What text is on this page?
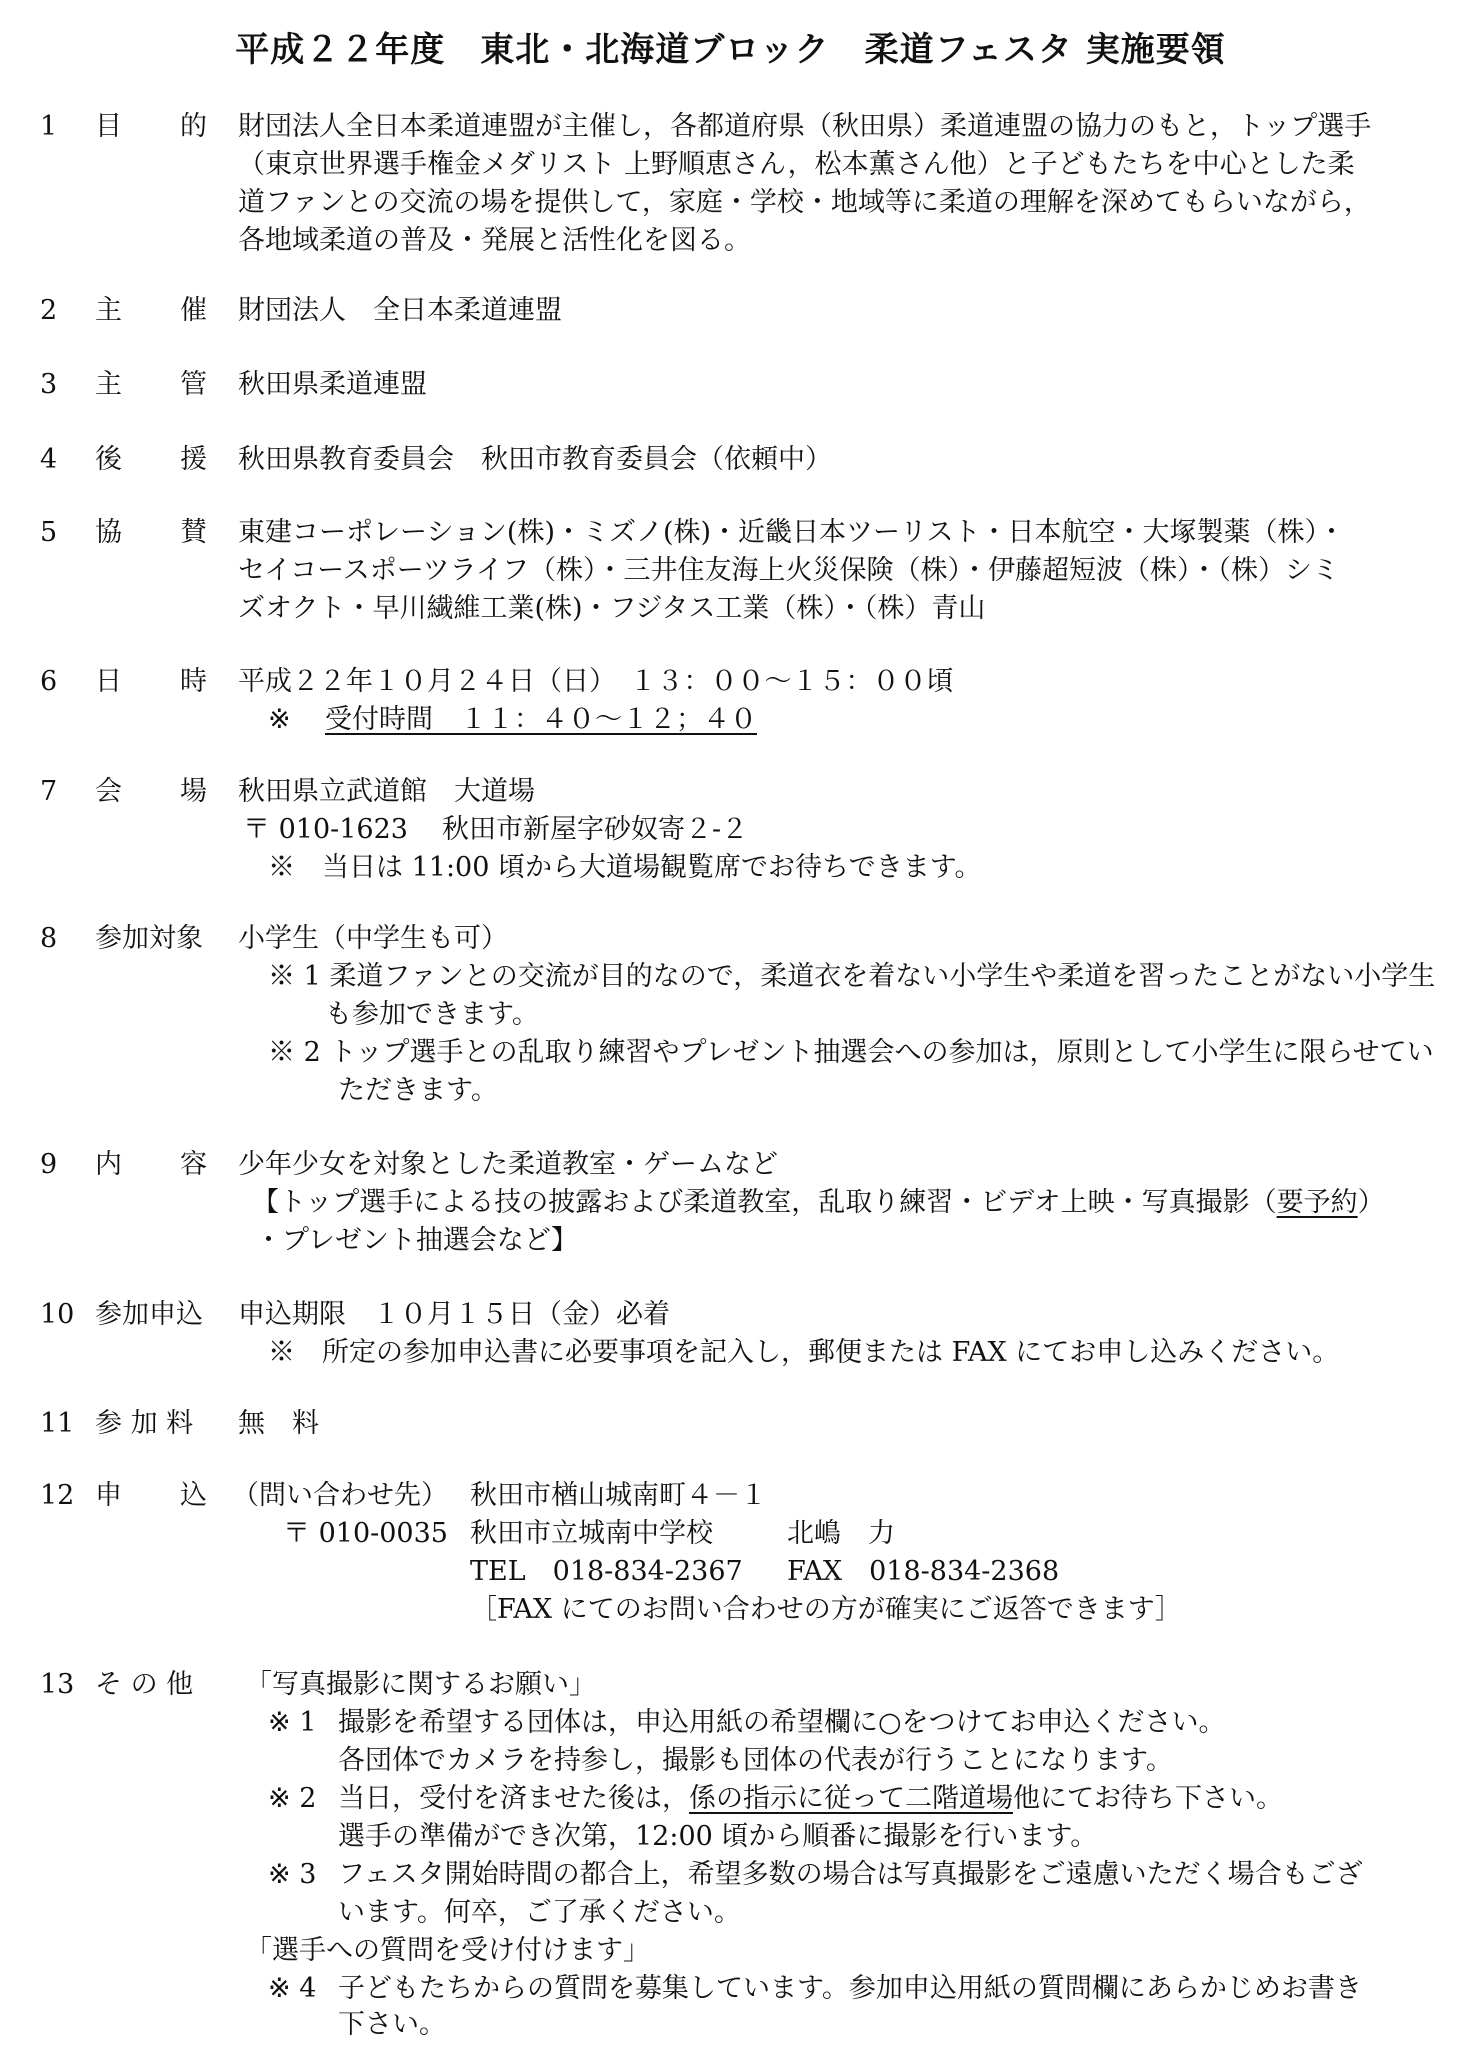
平成２２年度　東北・北海道ブロック　柔道フェスタ 実施要領
1	目 的 財団法人全日本柔道連盟が主催し，各都道府県（秋田県）柔道連盟の協力のもと，トップ選手
（東京世界選手権金メダリスト 上野順恵さん，松本薫さん他）と子どもたちを中心とした柔
道ファンとの交流の場を提供して，家庭・学校・地域等に柔道の理解を深めてもらいながら，
各地域柔道の普及・発展と活性化を図る。
2	主 催 財団法人　全日本柔道連盟
3	主 管 秋田県柔道連盟
4	後 援 秋田県教育委員会　秋田市教育委員会（依頼中）
5	協 賛 東建コーポレーション(株)・ミズノ(株)・近畿日本ツーリスト・日本航空・大塚製薬（株）・
セイコースポーツライフ（株）・三井住友海上火災保険（株）・伊藤超短波（株）・（株）シミ
ズオクト・早川繊維工業(株)・フジタス工業（株）・（株）青山
6	日 時 平成２２年１０月２４日（日）　１３：００～１５：００頃
※ 受付時間　１１：４０～１２；４０
7	会 場 秋田県立武道館　大道場
〒 010-1623 秋田市新屋字砂奴寄２-２
※　当日は 11:00 頃から大道場観覧席でお待ちできます。
8	参加対象 小学生（中学生も可）
※ 1 柔道ファンとの交流が目的なので，柔道衣を着ない小学生や柔道を習ったことがない小学生
も参加できます。
※ 2 トップ選手との乱取り練習やプレゼント抽選会への参加は，原則として小学生に限らせてい
ただきます。
9	内 容 少年少女を対象とした柔道教室・ゲームなど
【トップ選手による技の披露および柔道教室，乱取り練習・ビデオ上映・写真撮影（要予約）
・プレゼント抽選会など】
10 参加申込 申込期限　１０月１５日（金）必着
※　所定の参加申込書に必要事項を記入し，郵便または FAX にてお申し込みください。
11 参 加 料 無　料
12 申 込 （問い合わせ先） 秋田市楢山城南町４－１
〒 010-0035 秋田市立城南中学校	北嶋　力
TEL　018-834-2367 FAX　018-834-2368
［FAX にてのお問い合わせの方が確実にご返答できます］
13 そ の 他 「写真撮影に関するお願い」
※ 1 撮影を希望する団体は，申込用紙の希望欄に○をつけてお申込ください。
各団体でカメラを持参し，撮影も団体の代表が行うことになります。
※ 2 当日，受付を済ませた後は，係の指示に従って二階道場他にてお待ち下さい。
選手の準備ができ次第，12:00 頃から順番に撮影を行います。
※ 3 フェスタ開始時間の都合上，希望多数の場合は写真撮影をご遠慮いただく場合もござ
います。何卒，ご了承ください。
「選手への質問を受け付けます」
※ 4 子どもたちからの質問を募集しています。参加申込用紙の質問欄にあらかじめお書き
下さい。
